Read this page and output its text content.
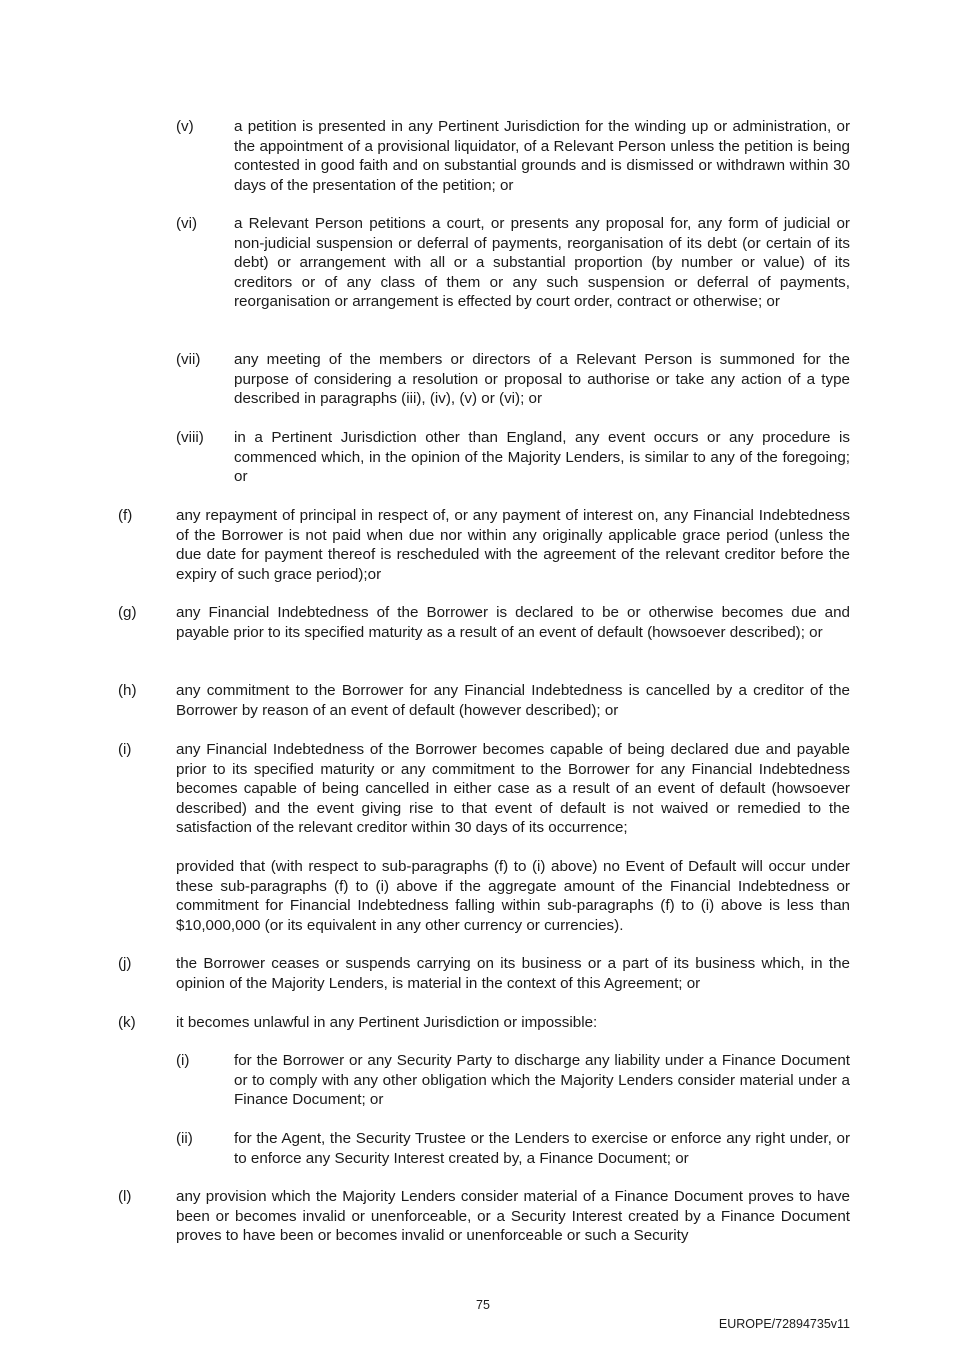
(v)	a petition is presented in any Pertinent Jurisdiction for the winding up or administration, or the appointment of a provisional liquidator, of a Relevant Person unless the petition is being contested in good faith and on substantial grounds and is dismissed or withdrawn within 30 days of the presentation of the petition; or
(vi) a Relevant Person petitions a court, or presents any proposal for, any form of judicial or non-judicial suspension or deferral of payments, reorganisation of its debt (or certain of its debt) or arrangement with all or a substantial proportion (by number or value) of its creditors or of any class of them or any such suspension or deferral of payments, reorganisation or arrangement is effected by court order, contract or otherwise; or
(vii) any meeting of the members or directors of a Relevant Person is summoned for the purpose of considering a resolution or proposal to authorise or take any action of a type described in paragraphs (iii), (iv), (v) or (vi); or
(viii) in a Pertinent Jurisdiction other than England, any event occurs or any procedure is commenced which, in the opinion of the Majority Lenders, is similar to any of the foregoing; or
(f)	any repayment of principal in respect of, or any payment of interest on, any Financial Indebtedness of the Borrower is not paid when due nor within any originally applicable grace period (unless the due date for payment thereof is rescheduled with the agreement of the relevant creditor before the expiry of such grace period);or
(g)	any Financial Indebtedness of the Borrower is declared to be or otherwise becomes due and payable prior to its specified maturity as a result of an event of default (howsoever described); or
(h)	any commitment to the Borrower for any Financial Indebtedness is cancelled by a creditor of the Borrower by reason of an event of default (however described); or
(i)	any Financial Indebtedness of the Borrower becomes capable of being declared due and payable prior to its specified maturity or any commitment to the Borrower for any Financial Indebtedness becomes capable of being cancelled in either case as a result of an event of default (howsoever described) and the event giving rise to that event of default is not waived or remedied to the satisfaction of the relevant creditor within 30 days of its occurrence;
provided that (with respect to sub-paragraphs (f) to (i) above) no Event of Default will occur under these sub-paragraphs (f) to (i) above if the aggregate amount of the Financial Indebtedness or commitment for Financial Indebtedness falling within sub-paragraphs (f) to (i) above is less than $10,000,000 (or its equivalent in any other currency or currencies).
(j)	the Borrower ceases or suspends carrying on its business or a part of its business which, in the opinion of the Majority Lenders, is material in the context of this Agreement; or
(k)	it becomes unlawful in any Pertinent Jurisdiction or impossible:
(i)	for the Borrower or any Security Party to discharge any liability under a Finance Document or to comply with any other obligation which the Majority Lenders consider material under a Finance Document; or
(ii)	for the Agent, the Security Trustee or the Lenders to exercise or enforce any right under, or to enforce any Security Interest created by, a Finance Document; or
(l)	any provision which the Majority Lenders consider material of a Finance Document proves to have been or becomes invalid or unenforceable, or a Security Interest created by a Finance Document proves to have been or becomes invalid or unenforceable or such a Security
75
EUROPE/72894735v11
